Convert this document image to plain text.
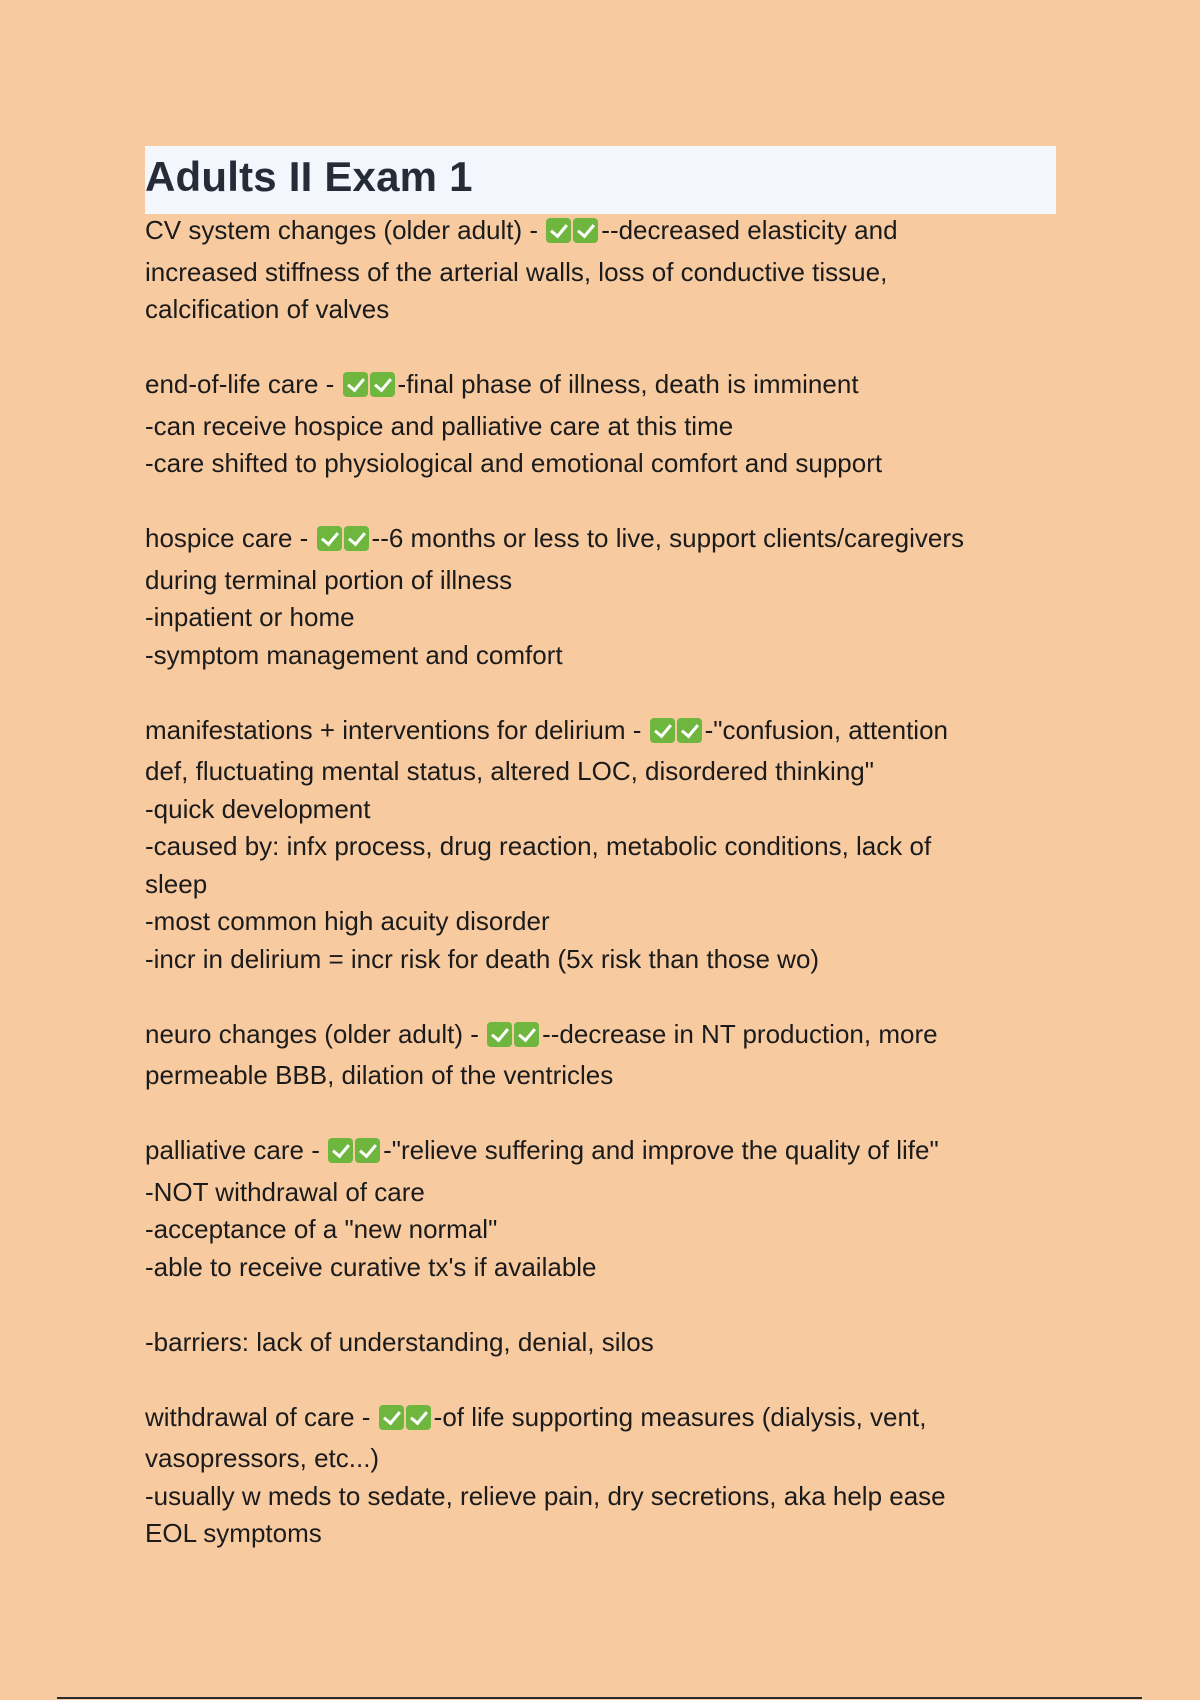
Adults II Exam 1
CV system changes (older adult) - --decreased elasticity and
increased stiffness of the arterial walls, loss of conductive tissue,
calcification of valves
end-of-life care - -final phase of illness, death is imminent
-can receive hospice and palliative care at this time
-care shifted to physiological and emotional comfort and support
hospice care - --6 months or less to live, support clients/caregivers
during terminal portion of illness
-inpatient or home
-symptom management and comfort
manifestations + interventions for delirium - -"confusion, attention
def, fluctuating mental status, altered LOC, disordered thinking"
-quick development
-caused by: infx process, drug reaction, metabolic conditions, lack of
sleep
-most common high acuity disorder
-incr in delirium = incr risk for death (5x risk than those wo)
neuro changes (older adult) - --decrease in NT production, more
permeable BBB, dilation of the ventricles
palliative care - -"relieve suffering and improve the quality of life"
-NOT withdrawal of care
-acceptance of a "new normal"
-able to receive curative tx's if available
-barriers: lack of understanding, denial, silos
withdrawal of care - -of life supporting measures (dialysis, vent,
vasopressors, etc...)
-usually w meds to sedate, relieve pain, dry secretions, aka help ease
EOL symptoms
